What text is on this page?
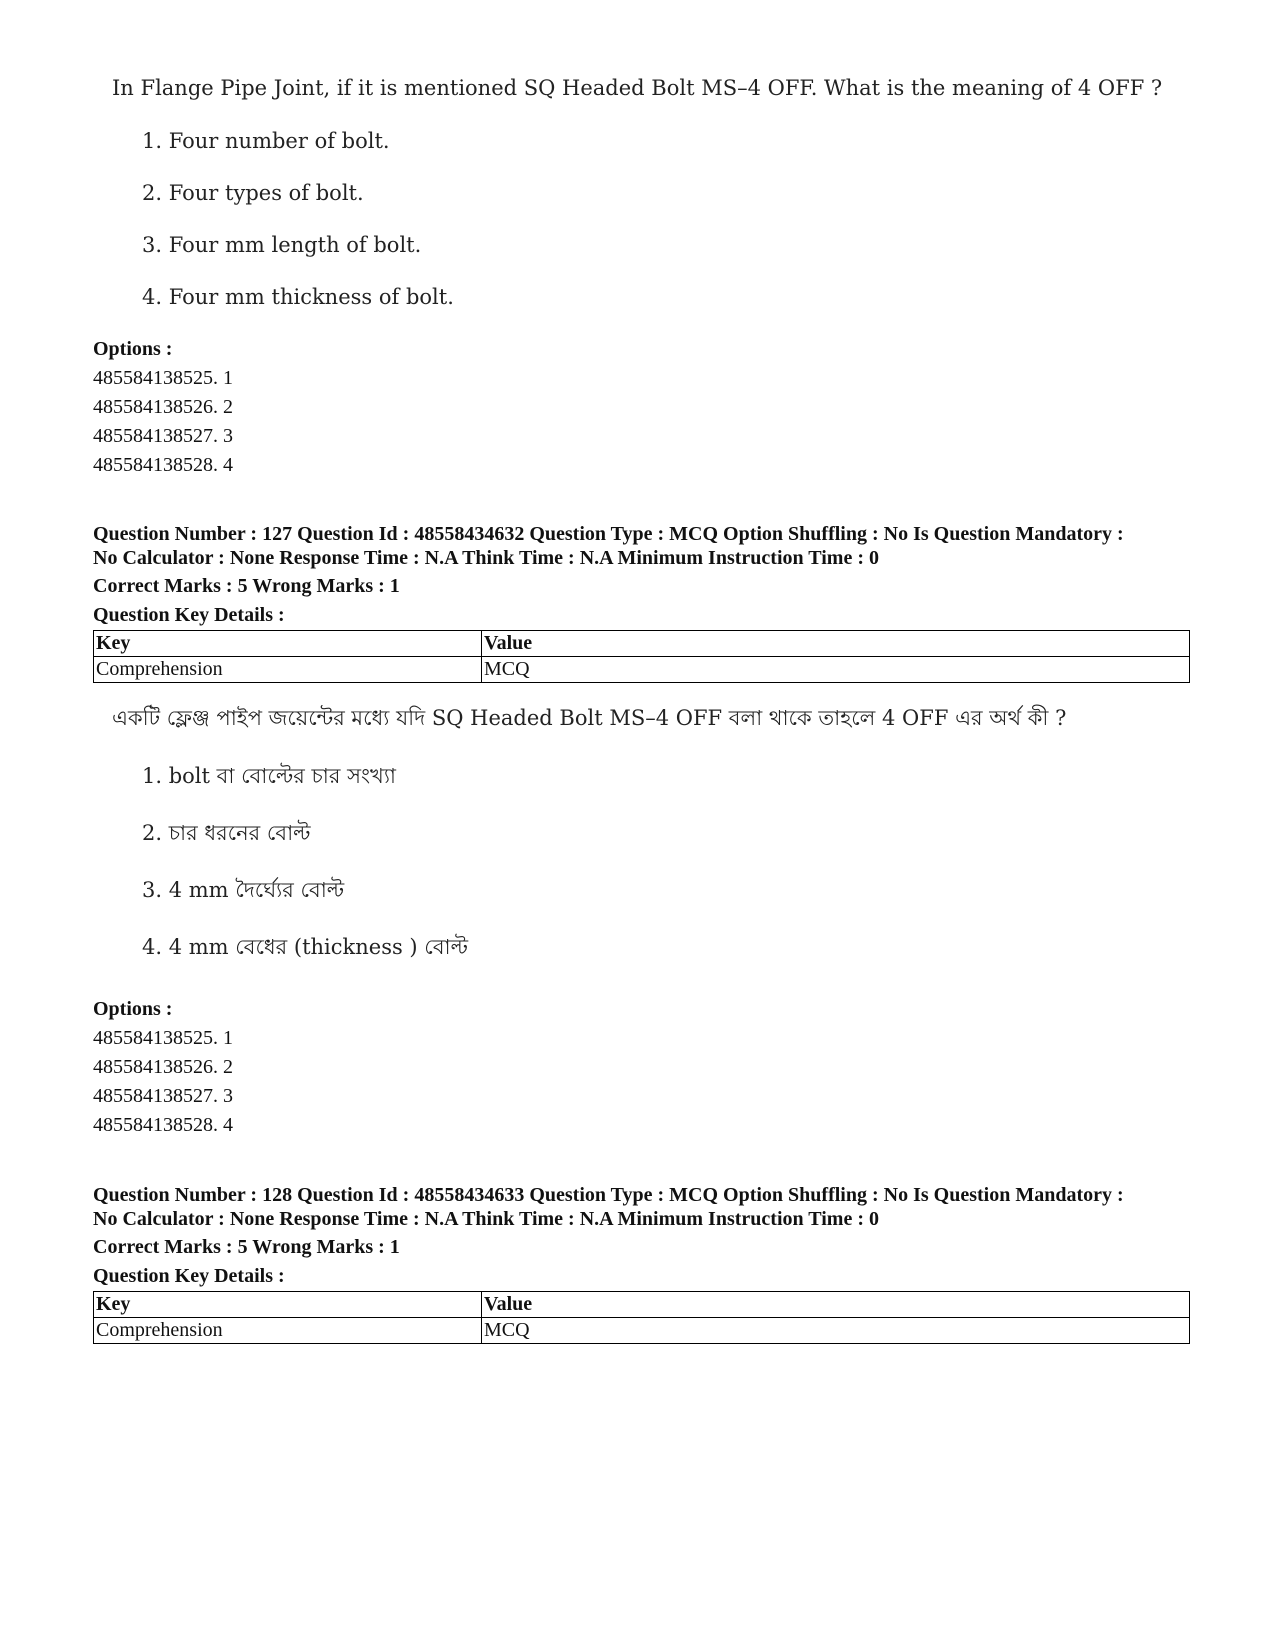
In Flange Pipe Joint, if it is mentioned SQ Headed Bolt MS–4 OFF. What is the meaning of 4 OFF ?
1. Four number of bolt.
2. Four types of bolt.
3. Four mm length of bolt.
4. Four mm thickness of bolt.
Options :
485584138525. 1
485584138526. 2
485584138527. 3
485584138528. 4
Question Number : 127 Question Id : 48558434632 Question Type : MCQ Option Shuffling : No Is Question Mandatory :
No Calculator : None Response Time : N.A Think Time : N.A Minimum Instruction Time : 0
Correct Marks : 5 Wrong Marks : 1
Question Key Details :
Key	Value
Comprehension	MCQ
একটি ফ্লেঞ্জ পাইপ জয়েন্টের মধ্যে যদি SQ Headed Bolt MS–4 OFF বলা থাকে তাহলে 4 OFF এর অর্থ কী ?
1. bolt বা বোল্টের চার সংখ্যা
2. চার ধরনের বোল্ট
3. 4 mm দৈর্ঘ্যের বোল্ট
4. 4 mm বেধের (thickness ) বোল্ট
Options :
485584138525. 1
485584138526. 2
485584138527. 3
485584138528. 4
Question Number : 128 Question Id : 48558434633 Question Type : MCQ Option Shuffling : No Is Question Mandatory :
No Calculator : None Response Time : N.A Think Time : N.A Minimum Instruction Time : 0
Correct Marks : 5 Wrong Marks : 1
Question Key Details :
Key	Value
Comprehension	MCQ
